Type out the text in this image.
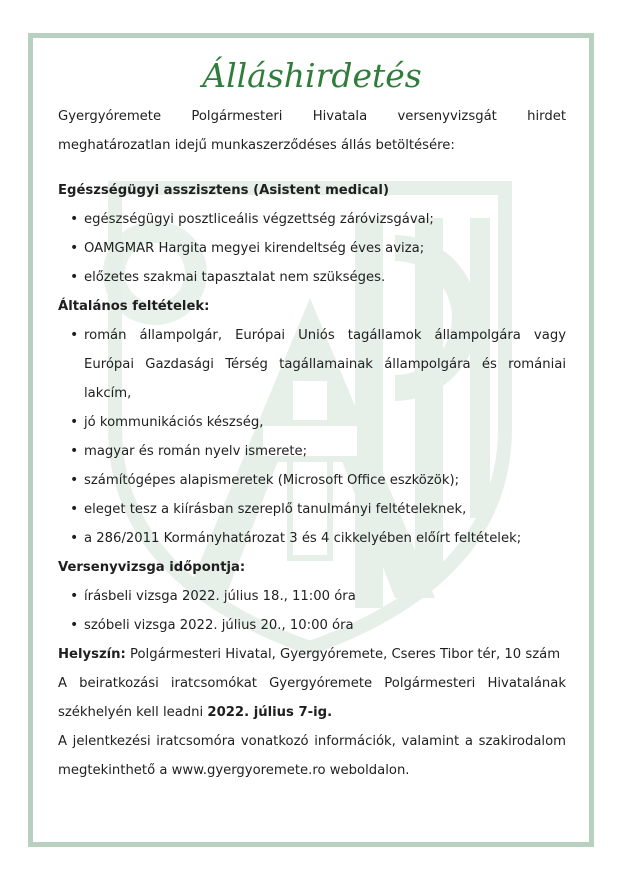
Álláshirdetés

Gyergyóremete Polgármesteri Hivatala versenyvizsgát hirdet meghatározatlan idejű munkaszerződéses állás betöltésére:

Egészségügyi asszisztens (Asistent medical)

• egészségügyi posztliceális végzettség záróvizsgával;
• OAMGMAR Hargita megyei kirendeltség éves aviza;
• előzetes szakmai tapasztalat nem szükséges.

Általános feltételek:

• román állampolgár, Európai Uniós tagállamok állampolgára vagy Európai Gazdasági Térség tagállamainak állampolgára és romániai lakcím,
• jó kommunikációs készség,
• magyar és román nyelv ismerete;
• számítógépes alapismeretek (Microsoft Office eszközök);
• eleget tesz a kiírásban szereplő tanulmányi feltételeknek,
• a 286/2011 Kormányhatározat 3 és 4 cikkelyében előírt feltételek;

Versenyvizsga időpontja:

• írásbeli vizsga 2022. július 18., 11:00 óra
• szóbeli vizsga 2022. július 20., 10:00 óra

Helyszín: Polgármesteri Hivatal, Gyergyóremete, Cseres Tibor tér, 10 szám

A beiratkozási iratcsomókat Gyergyóremete Polgármesteri Hivatalának székhelyén kell leadni 2022. július 7-ig.

A jelentkezési iratcsomóra vonatkozó információk, valamint a szakirodalom megtekinthető a www.gyergyoremete.ro weboldalon.
